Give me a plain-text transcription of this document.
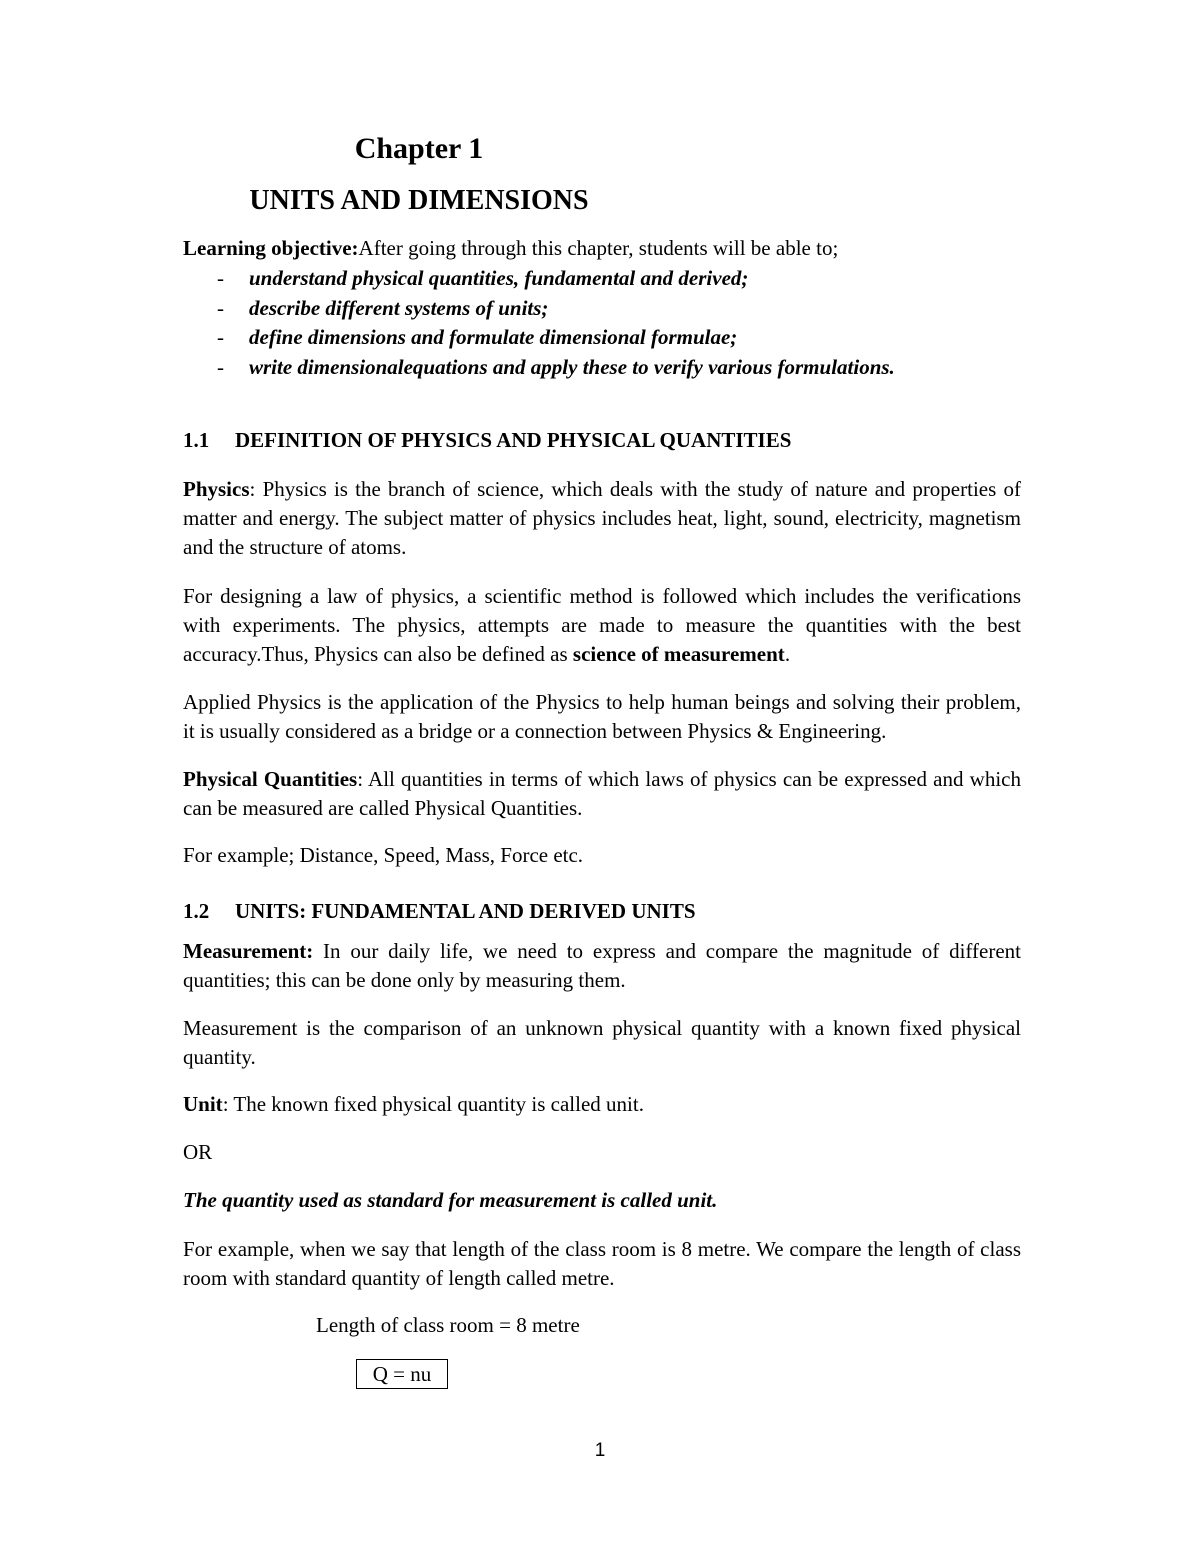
Chapter 1
UNITS AND DIMENSIONS
Learning objective:After going through this chapter, students will be able to;
- understand physical quantities, fundamental and derived;
- describe different systems of units;
- define dimensions and formulate dimensional formulae;
- write dimensionalequations and apply these to verify various formulations.
1.1 DEFINITION OF PHYSICS AND PHYSICAL QUANTITIES
Physics: Physics is the branch of science, which deals with the study of nature and properties of matter and energy. The subject matter of physics includes heat, light, sound, electricity, magnetism and the structure of atoms.
For designing a law of physics, a scientific method is followed which includes the verifications with experiments. The physics, attempts are made to measure the quantities with the best accuracy.Thus, Physics can also be defined as science of measurement.
Applied Physics is the application of the Physics to help human beings and solving their problem, it is usually considered as a bridge or a connection between Physics & Engineering.
Physical Quantities: All quantities in terms of which laws of physics can be expressed and which can be measured are called Physical Quantities.
For example; Distance, Speed, Mass, Force etc.
1.2 UNITS: FUNDAMENTAL AND DERIVED UNITS
Measurement: In our daily life, we need to express and compare the magnitude of different quantities; this can be done only by measuring them.
Measurement is the comparison of an unknown physical quantity with a known fixed physical quantity.
Unit: The known fixed physical quantity is called unit.
OR
The quantity used as standard for measurement is called unit.
For example, when we say that length of the class room is 8 metre. We compare the length of class room with standard quantity of length called metre.
Length of class room = 8 metre
Q = nu
1
